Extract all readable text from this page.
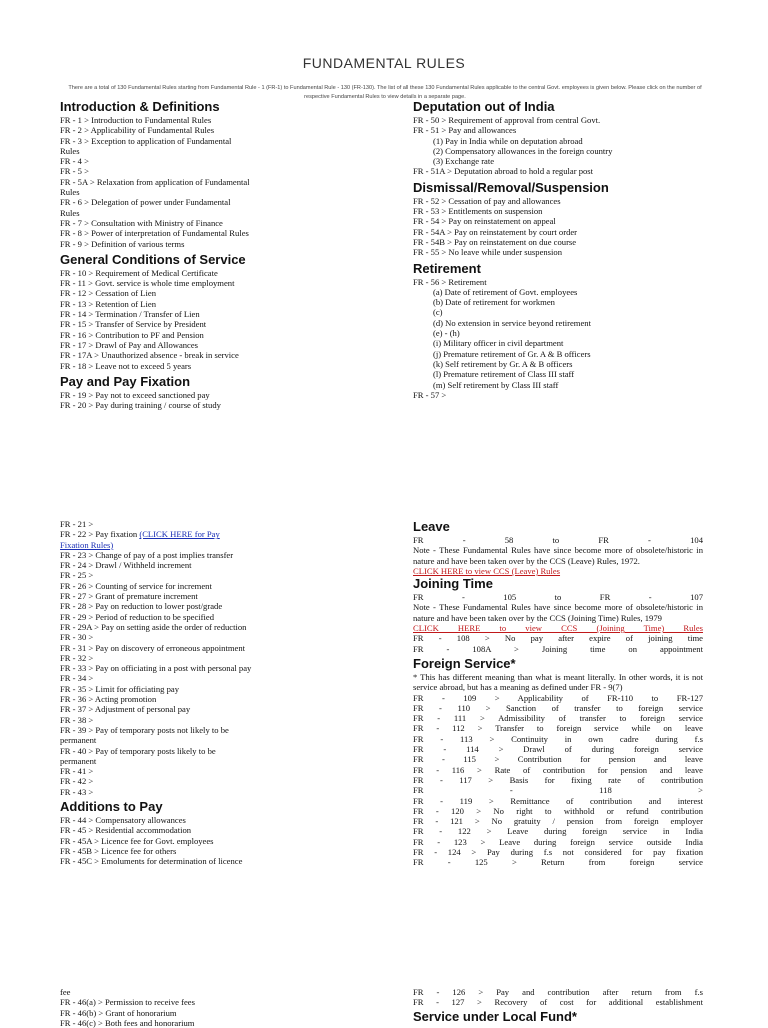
FUNDAMENTAL RULES
There are a total of 130 Fundamental Rules starting from Fundamental Rule - 1 (FR-1) to Fundamental Rule - 130 (FR-130). The list of all these 130 Fundamental Rules applicable to the central Govt. employees is given below. Please click on the number of respective Fundamental Rules to view details in a separate page.
Introduction & Definitions
FR - 1 > Introduction to Fundamental Rules
FR - 2 > Applicability of Fundamental Rules
FR - 3 > Exception to application of Fundamental
Rules
FR - 4 >
FR - 5 >
FR - 5A > Relaxation from application of Fundamental
Rules
FR - 6 > Delegation of power under Fundamental
Rules
FR - 7 > Consultation with Ministry of Finance
FR - 8 > Power of interpretation of Fundamental Rules
FR - 9 > Definition of various terms
General Conditions of Service
FR - 10 > Requirement of Medical Certificate
FR - 11 > Govt. service is whole time employment
FR - 12 > Cessation of Lien
FR - 13 > Retention of Lien
FR - 14 > Termination / Transfer of Lien
FR - 15 > Transfer of Service by President
FR - 16 > Contribution to PF and Pension
FR - 17 > Drawl of Pay and Allowances
FR - 17A > Unauthorized absence - break in service
FR - 18 > Leave not to exceed 5 years
Pay and Pay Fixation
FR - 19 > Pay not to exceed sanctioned pay
FR - 20 > Pay during training / course of study
Deputation out of India
FR - 50 > Requirement of approval from central Govt.
FR - 51 > Pay and allowances
(1) Pay in India while on deputation abroad
(2) Compensatory allowances in the foreign country
(3) Exchange rate
FR - 51A > Deputation abroad to hold a regular post
Dismissal/Removal/Suspension
FR - 52 > Cessation of pay and allowances
FR - 53 > Entitlements on suspension
FR - 54 > Pay on reinstatement on appeal
FR - 54A > Pay on reinstatement by court order
FR - 54B > Pay on reinstatement on due course
FR - 55 > No leave while under suspension
Retirement
FR - 56 > Retirement
(a) Date of retirement of Govt. employees
(b) Date of retirement for workmen
(c)
(d) No extension in service beyond retirement
(e) - (h)
(i) Military officer in civil department
(j) Premature retirement of Gr. A & B officers
(k) Self retirement by Gr. A & B officers
(l) Premature retirement of Class III staff
(m) Self retirement by Class III staff
FR - 57 >
FR - 21 >
FR - 22 > Pay fixation (CLICK HERE for Pay
Fixation Rules)
FR - 23 > Change of pay of a post implies transfer
FR - 24 > Drawl / Withheld increment
FR - 25 >
FR - 26 > Counting of service for increment
FR - 27 > Grant of premature increment
FR - 28 > Pay on reduction to lower post/grade
FR - 29 > Period of reduction to be specified
FR - 29A > Pay on setting aside the order of reduction
FR - 30 >
FR - 31 > Pay on discovery of erroneous appointment
FR - 32 >
FR - 33 > Pay on officiating in a post with personal pay
FR - 34 >
FR - 35 > Limit for officiating pay
FR - 36 > Acting promotion
FR - 37 > Adjustment of personal pay
FR - 38 >
FR - 39 > Pay of temporary posts not likely to be
permanent
FR - 40 > Pay of temporary posts likely to be
permanent
FR - 41 >
FR - 42 >
FR - 43 >
Additions to Pay
FR - 44 > Compensatory allowances
FR - 45 > Residential accommodation
FR - 45A > Licence fee for Govt. employees
FR - 45B > Licence fee for others
FR - 45C > Emoluments for determination of licence
Leave
FR - 58 to FR - 104
Note - These Fundamental Rules have since become more of obsolete/historic in nature and have been taken over by the CCS (Leave) Rules, 1972.
CLICK HERE to view CCS (Leave) Rules
Joining Time
FR - 105 to FR - 107
Note - These Fundamental Rules have since become more of obsolete/historic in nature and have been taken over by the CCS (Joining Time) Rules, 1979
CLICK HERE to view CCS (Joining Time) Rules
FR - 108 > No pay after expire of joining time
FR - 108A > Joining time on appointment
Foreign Service*
* This has different meaning than what is meant literally. In other words, it is not service abroad, but has a meaning as defined under FR - 9(7)
FR - 109 > Applicability of FR-110 to FR-127
FR - 110 > Sanction of transfer to foreign service
FR - 111 > Admissibility of transfer to foreign service
FR - 112 > Transfer to foreign service while on leave
FR - 113 > Continuity in own cadre during f.s
FR - 114 > Drawl of during foreign service
FR - 115 > Contribution for pension and leave
FR - 116 > Rate of contribution for pension and leave
FR - 117 > Basis for fixing rate of contribution
FR - 118 >
FR - 119 > Remittance of contribution and interest
FR - 120 > No right to withhold or refund contribution
FR - 121 > No gratuity / pension from foreign employer
FR - 122 > Leave during foreign service in India
FR - 123 > Leave during foreign service outside India
FR - 124 > Pay during f.s not considered for pay fixation
FR - 125 > Return from foreign service
fee
FR - 46(a) > Permission to receive fees
FR - 46(b) > Grant of honorarium
FR - 46(c) > Both fees and honorarium
FR - 126 > Pay and contribution after return from f.s
FR - 127 > Recovery of cost for additional establishment
Service under Local Fund*
